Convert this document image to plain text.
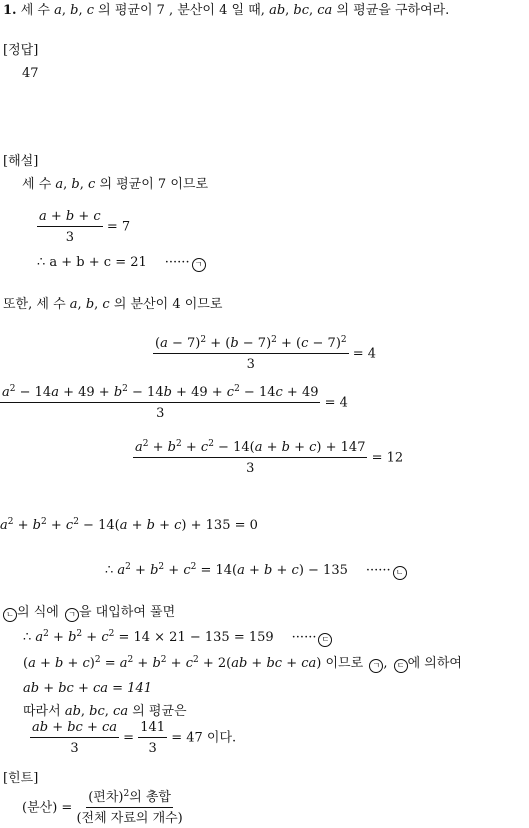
1. 세 수 a, b, c 의 평균이 7 , 분산이 4 일 때, ab, bc, ca 의 평균을 구하여라.
[정답]
47
[해설]
세 수 a, b, c 의 평균이 7 이므로
$\frac{a + b + c}{3} = 7$
∴ a + b + c = 21 ······ ㄱ
또한, 세 수 a, b, c 의 분산이 4 이므로
$\frac{(a - 7)^2 + (b - 7)^2 + (c - 7)^2}{3} = 4$
$\frac{a^2 - 14a + 49 + b^2 - 14b + 49 + c^2 - 14c + 49}{3} = 4$
$\frac{a^2 + b^2 + c^2 - 14(a + b + c) + 147}{3} = 12$
$a^2 + b^2 + c^2 - 14(a + b + c) + 135 = 0$
∴ $a^2 + b^2 + c^2 = 14(a + b + c) - 135$ ······ ㄴ
ㄴ 의 식에 ㄱ 을 대입하여 풀면
∴ $a^2 + b^2 + c^2 = 14 \times 21 - 135 = 159$ ······ ㄷ
$(a + b + c)^2 = a^2 + b^2 + c^2 + 2(ab$ + bc + ca) 이므로 ㄱ , ㄷ 에 의하여
ab + bc + ca = 141
따라서 ab, bc, ca 의 평균은
$\frac{ab + bc + ca}{3} = \frac{141}{3} = 47$ 이다.
[힌트]
(분산) = $\frac{(편차)^2의 총합}{\text{(전체 자료의 개수)}}$
